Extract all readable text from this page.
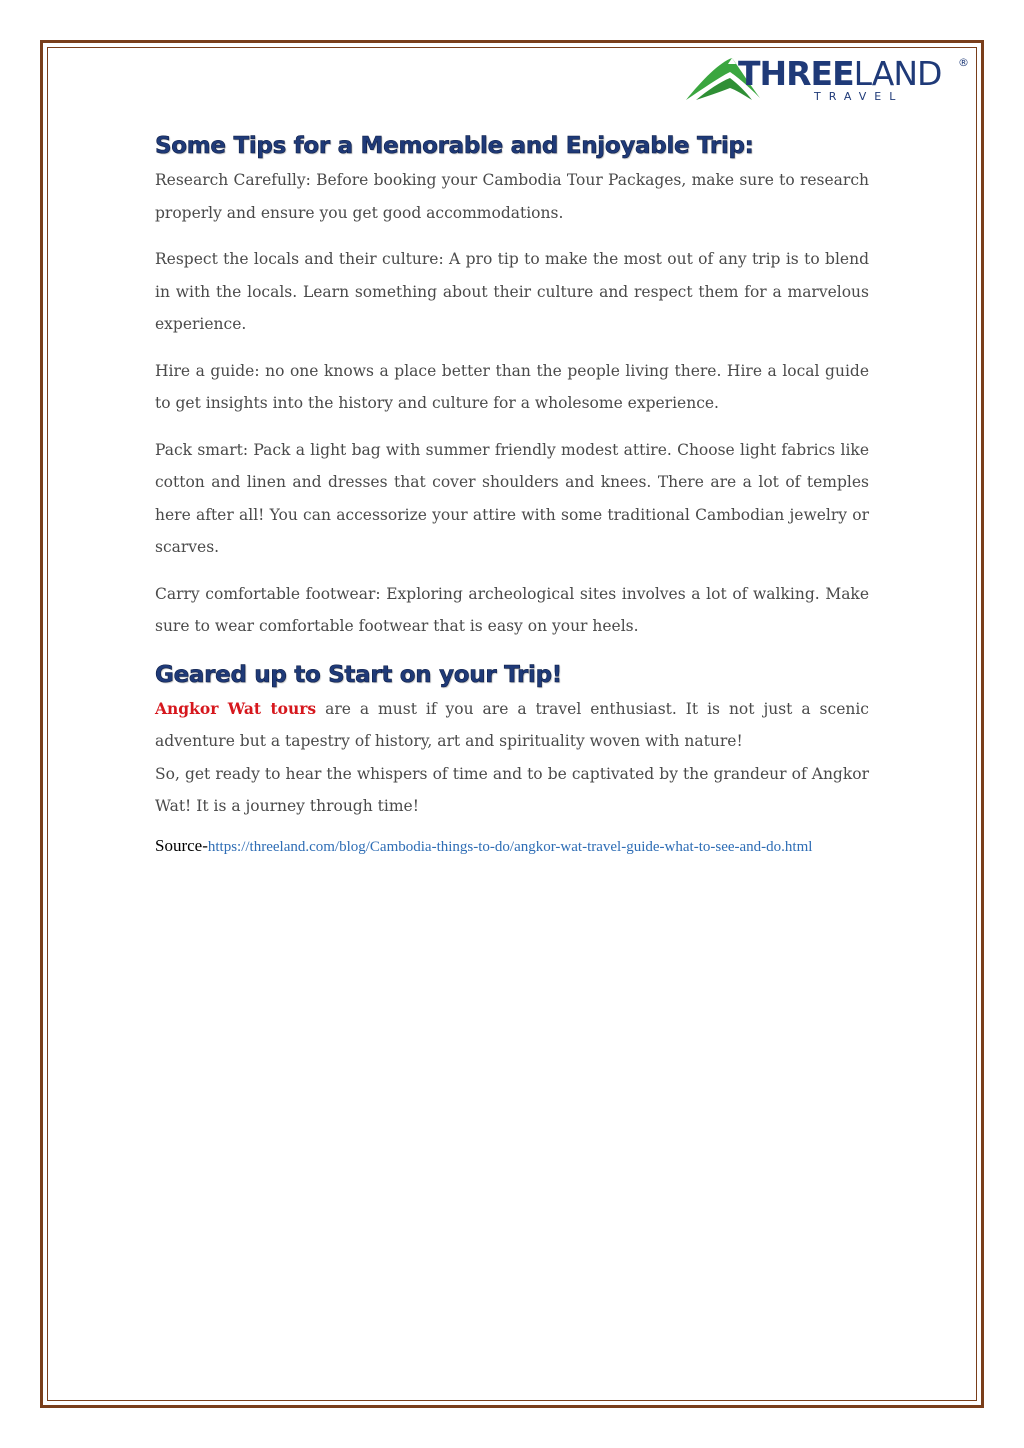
THREELAND ®
TRAVEL
Some Tips for a Memorable and Enjoyable Trip:

Research Carefully: Before booking your Cambodia Tour Packages, make sure to research properly and ensure you get good accommodations.

Respect the locals and their culture: A pro tip to make the most out of any trip is to blend in with the locals. Learn something about their culture and respect them for a marvelous experience.

Hire a guide: no one knows a place better than the people living there. Hire a local guide to get insights into the history and culture for a wholesome experience.

Pack smart: Pack a light bag with summer friendly modest attire. Choose light fabrics like cotton and linen and dresses that cover shoulders and knees. There are a lot of temples here after all! You can accessorize your attire with some traditional Cambodian jewelry or scarves.

Carry comfortable footwear: Exploring archeological sites involves a lot of walking. Make sure to wear comfortable footwear that is easy on your heels.

Geared up to Start on your Trip!

Angkor Wat tours are a must if you are a travel enthusiast. It is not just a scenic adventure but a tapestry of history, art and spirituality woven with nature!

So, get ready to hear the whispers of time and to be captivated by the grandeur of Angkor Wat! It is a journey through time!

Source-https://threeland.com/blog/Cambodia-things-to-do/angkor-wat-travel-guide-what-to-see-and-do.html
